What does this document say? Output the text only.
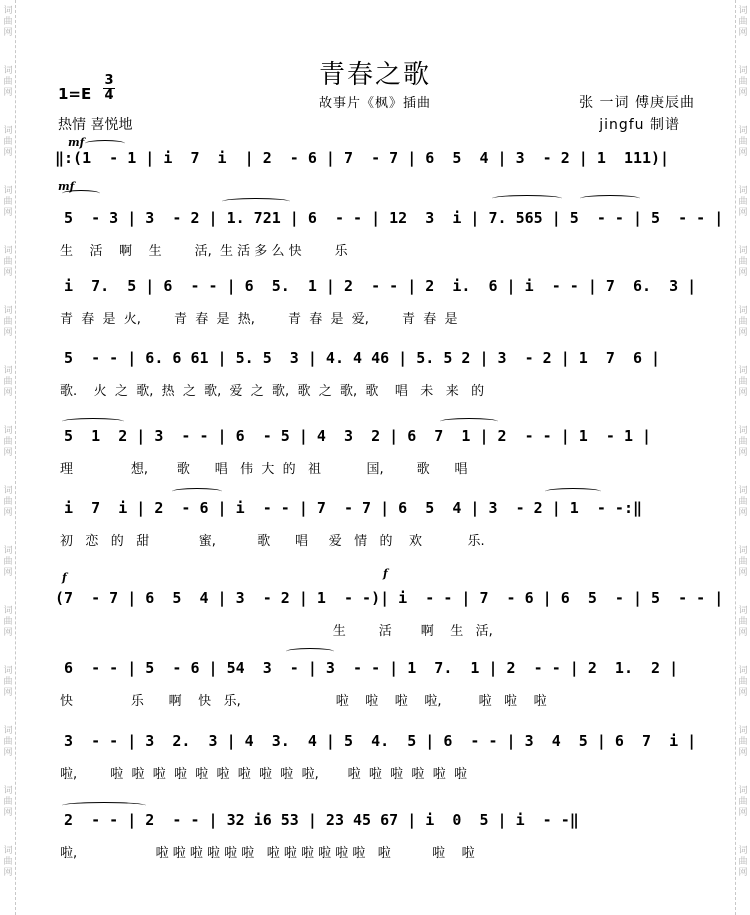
词
曲
网
词
曲
网
词
曲
网
词
曲
网
词
曲
网
词
曲
网
词
曲
网
词
曲
网
词
曲
网
词
曲
网
词
曲
网
词
曲
网
词
曲
网
词
曲
网
词
曲
网
词
曲
网
词
曲
网
词
曲
网
词
曲
网
词
曲
网
词
曲
网
词
曲
网
词
曲
网
词
曲
网
词
曲
网
词
曲
网
词
曲
网
词
曲
网
词
曲
网
词
曲
网
青春之歌
故事片《枫》插曲
1=E
3
4
热情 喜悦地
张 一词 傅庚辰曲
jingfu 制谱
mf
mf
f	f
‖:(1  - 1 | i  7  i  | 2  - 6 | 7  - 7 | 6  5  4 | 3  - 2 | 1  111)|
5  - 3 | 3  - 2 | 1. 721 | 6  - - | 12  3  i | 7. 565 | 5  - - | 5  - - |
生    活    啊    生        活,  生 活 多 么 快        乐
i  7.  5 | 6  - - | 6  5.  1 | 2  - - | 2  i.  6 | i  - - | 7  6.  3 |
青  春  是  火,        青  春  是  热,        青  春  是  爱,        青  春  是
5  - - | 6. 6 61 | 5. 5  3 | 4. 4 46 | 5. 5 2 | 3  - 2 | 1  7  6 |
歌.    火  之  歌,  热  之  歌,  爱  之  歌,  歌  之  歌,  歌    唱   未   来   的
5  1  2 | 3  - - | 6  - 5 | 4  3  2 | 6  7  1 | 2  - - | 1  - 1 |
理              想,       歌      唱   伟  大  的   祖           国,        歌      唱
i  7  i | 2  - 6 | i  - - | 7  - 7 | 6  5  4 | 3  - 2 | 1  - -:‖
初   恋   的   甜            蜜,          歌      唱     爱   情   的    欢           乐.
(7  - 7 | 6  5  4 | 3  - 2 | 1  - -)| i  - - | 7  - 6 | 6  5  - | 5  - - |
生        活       啊    生   活,
6  - - | 5  - 6 | 54  3  - | 3  - - | 1  7.  1 | 2  - - | 2  1.  2 |
快              乐      啊    快   乐,                       啦    啦    啦    啦,         啦   啦    啦
3  - - | 3  2.  3 | 4  3.  4 | 5  4.  5 | 6  - - | 3  4  5 | 6  7  i |
啦,        啦  啦  啦  啦  啦  啦  啦  啦  啦  啦,       啦  啦  啦  啦  啦  啦
2  - - | 2  - - | 32 i6 53 | 23 45 67 | i  0  5 | i  - -‖
啦,                   啦 啦 啦 啦 啦 啦   啦 啦 啦 啦 啦 啦   啦          啦    啦
